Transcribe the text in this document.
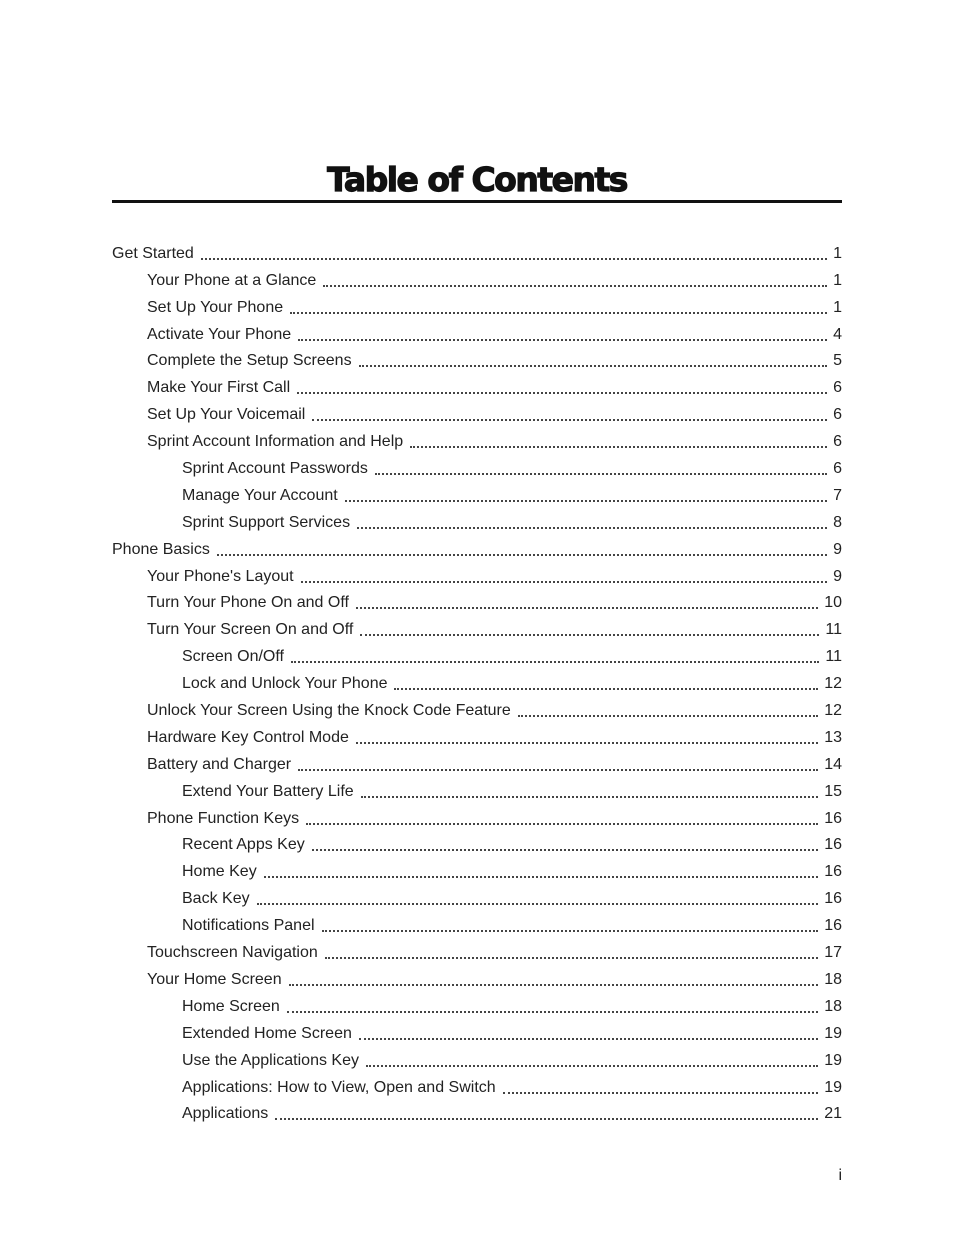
Table of Contents
Get Started	1
Your Phone at a Glance	1
Set Up Your Phone	1
Activate Your Phone	4
Complete the Setup Screens	5
Make Your First Call	6
Set Up Your Voicemail	6
Sprint Account Information and Help	6
Sprint Account Passwords	6
Manage Your Account	7
Sprint Support Services	8
Phone Basics	9
Your Phone's Layout	9
Turn Your Phone On and Off	10
Turn Your Screen On and Off	11
Screen On/Off	11
Lock and Unlock Your Phone	12
Unlock Your Screen Using the Knock Code Feature	12
Hardware Key Control Mode	13
Battery and Charger	14
Extend Your Battery Life	15
Phone Function Keys	16
Recent Apps Key	16
Home Key	16
Back Key	16
Notifications Panel	16
Touchscreen Navigation	17
Your Home Screen	18
Home Screen	18
Extended Home Screen	19
Use the Applications Key	19
Applications: How to View, Open and Switch	19
Applications	21
i
